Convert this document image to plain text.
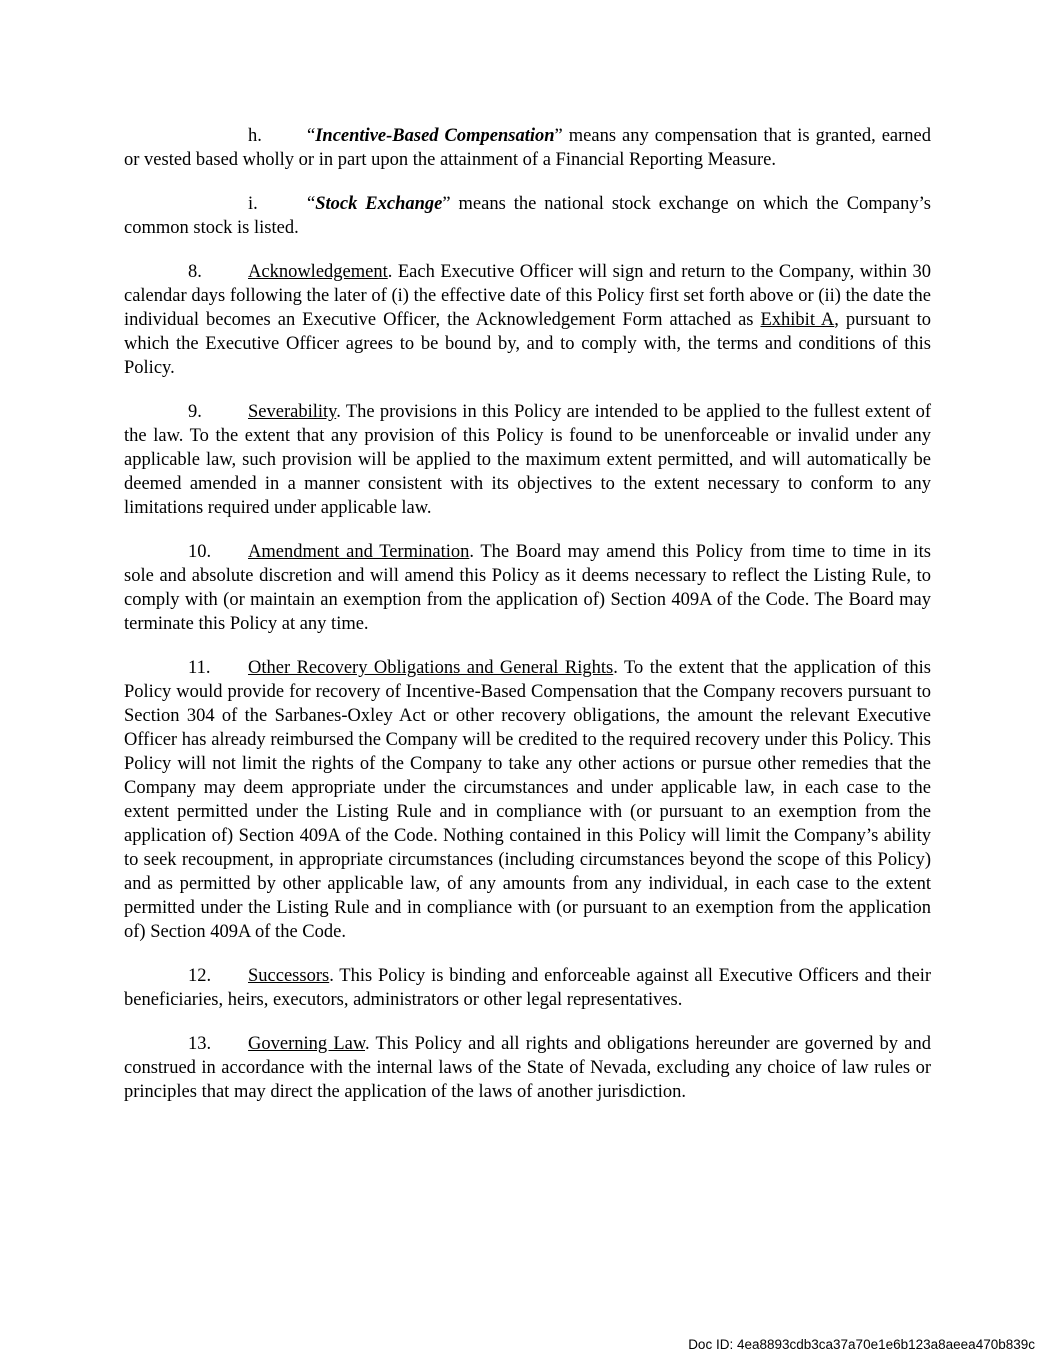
h. “Incentive-Based Compensation” means any compensation that is granted, earned or vested based wholly or in part upon the attainment of a Financial Reporting Measure.

i.	“Stock Exchange” means the national stock exchange on which the Company’s common stock is listed.

8. Acknowledgement. Each Executive Officer will sign and return to the Company, within 30 calendar days following the later of (i) the effective date of this Policy first set forth above or (ii) the date the individual becomes an Executive Officer, the Acknowledgement Form attached as Exhibit A, pursuant to which the Executive Officer agrees to be bound by, and to comply with, the terms and conditions of this Policy.

9. Severability. The provisions in this Policy are intended to be applied to the fullest extent of the law. To the extent that any provision of this Policy is found to be unenforceable or invalid under any applicable law, such provision will be applied to the maximum extent permitted, and will automatically be deemed amended in a manner consistent with its objectives to the extent necessary to conform to any limitations required under applicable law.

10. Amendment and Termination. The Board may amend this Policy from time to time in its sole and absolute discretion and will amend this Policy as it deems necessary to reflect the Listing Rule, to comply with (or maintain an exemption from the application of) Section 409A of the Code. The Board may terminate this Policy at any time.

11. Other Recovery Obligations and General Rights. To the extent that the application of this Policy would provide for recovery of Incentive-Based Compensation that the Company recovers pursuant to Section 304 of the Sarbanes-Oxley Act or other recovery obligations, the amount the relevant Executive Officer has already reimbursed the Company will be credited to the required recovery under this Policy. This Policy will not limit the rights of the Company to take any other actions or pursue other remedies that the Company may deem appropriate under the circumstances and under applicable law, in each case to the extent permitted under the Listing Rule and in compliance with (or pursuant to an exemption from the application of) Section 409A of the Code. Nothing contained in this Policy will limit the Company’s ability to seek recoupment, in appropriate circumstances (including circumstances beyond the scope of this Policy) and as permitted by other applicable law, of any amounts from any individual, in each case to the extent permitted under the Listing Rule and in compliance with (or pursuant to an exemption from the application of) Section 409A of the Code.

12. Successors. This Policy is binding and enforceable against all Executive Officers and their beneficiaries, heirs, executors, administrators or other legal representatives.

13. Governing Law. This Policy and all rights and obligations hereunder are governed by and construed in accordance with the internal laws of the State of Nevada, excluding any choice of law rules or principles that may direct the application of the laws of another jurisdiction.

Doc ID: 4ea8893cdb3ca37a70e1e6b123a8aeea470b839c
